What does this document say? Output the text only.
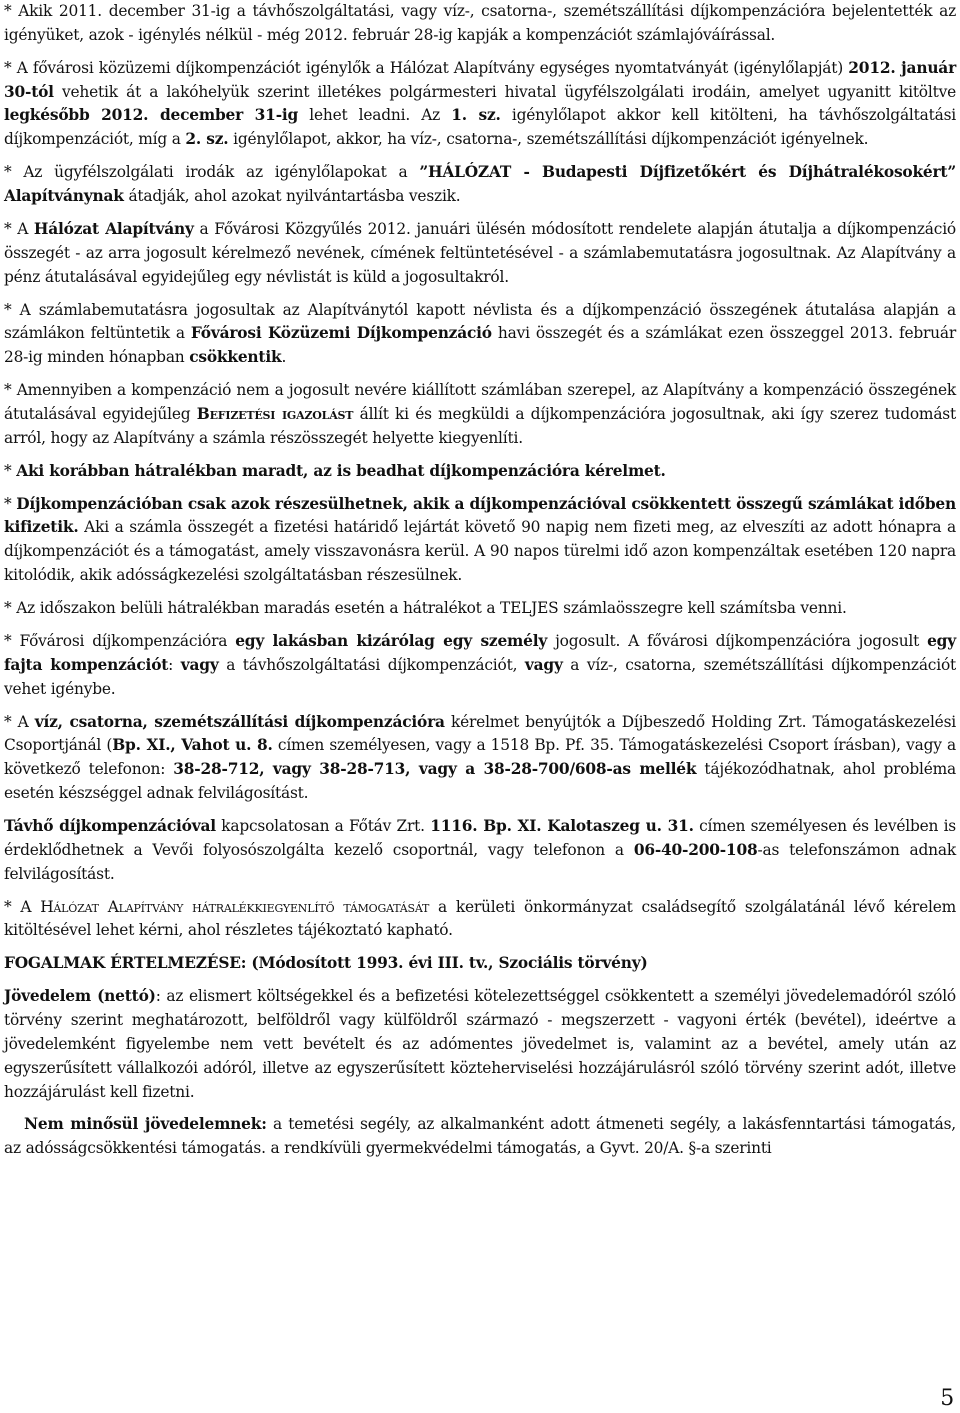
* Akik 2011. december 31-ig a távhőszolgáltatási, vagy víz-, csatorna-, szemétszállítási díjkompenzációra bejelentették az igényüket, azok - igénylés nélkül - még 2012. február 28-ig kapják a kompenzációt számlajóváírással.

* A fővárosi közüzemi díjkompenzációt igénylők a Hálózat Alapítvány egységes nyomtatványát (igénylőlapját) 2012. január 30-tól vehetik át a lakóhelyük szerint illetékes polgármesteri hivatal ügyfélszolgálati irodáin, amelyet ugyanitt kitöltve legkésőbb 2012. december 31-ig lehet leadni. Az 1. sz. igénylőlapot akkor kell kitölteni, ha távhőszolgáltatási díjkompenzációt, míg a 2. sz. igénylőlapot, akkor, ha víz-, csatorna-, szemétszállítási díjkompenzációt igényelnek.

* Az ügyfélszolgálati irodák az igénylőlapokat a ”HÁLÓZAT - Budapesti Díjfizetőkért és Díjhátralékosokért” Alapítványnak átadják, ahol azokat nyilvántartásba veszik.

* A Hálózat Alapítvány a Fővárosi Közgyűlés 2012. januári ülésén módosított rendelete alapján átutalja a díjkompenzáció összegét - az arra jogosult kérelmező nevének, címének feltüntetésével - a számlabemutatásra jogosultnak. Az Alapítvány a pénz átutalásával egyidejűleg egy névlistát is küld a jogosultakról.

* A számlabemutatásra jogosultak az Alapítványtól kapott névlista és a díjkompenzáció összegének átutalása alapján a számlákon feltüntetik a Fővárosi Közüzemi Díjkompenzáció havi összegét és a számlákat ezen összeggel 2013. február 28-ig minden hónapban csökkentik.

* Amennyiben a kompenzáció nem a jogosult nevére kiállított számlában szerepel, az Alapítvány a kompenzáció összegének átutalásával egyidejűleg Befizetési igazolást állít ki és megküldi a díjkompenzációra jogosultnak, aki így szerez tudomást arról, hogy az Alapítvány a számla részösszegét helyette kiegyenlíti.

* Aki korábban hátralékban maradt, az is beadhat díjkompenzációra kérelmet.

* Díjkompenzációban csak azok részesülhetnek, akik a díjkompenzációval csökkentett összegű számlákat időben kifizetik. Aki a számla összegét a fizetési határidő lejártát követő 90 napig nem fizeti meg, az elveszíti az adott hónapra a díjkompenzációt és a támogatást, amely visszavonásra kerül. A 90 napos türelmi idő azon kompenzáltak esetében 120 napra kitolódik, akik adósságkezelési szolgáltatásban részesülnek.

* Az időszakon belüli hátralékban maradás esetén a hátralékot a TELJES számlaösszegre kell számítsba venni.

* Fővárosi díjkompenzációra egy lakásban kizárólag egy személy jogosult. A fővárosi díjkompenzációra jogosult egy fajta kompenzációt: vagy a távhőszolgáltatási díjkompenzációt, vagy a víz-, csatorna, szemétszállítási díjkompenzációt vehet igénybe.

* A víz, csatorna, szemétszállítási díjkompenzációra kérelmet benyújtók a Díjbeszedő Holding Zrt. Támogatáskezelési Csoportjánál (Bp. XI., Vahot u. 8. címen személyesen, vagy a 1518 Bp. Pf. 35. Támogatáskezelési Csoport írásban), vagy a következő telefonon: 38-28-712, vagy 38-28-713, vagy a 38-28-700/608-as mellék tájékozódhatnak, ahol probléma esetén készséggel adnak felvilágosítást.

Távhő díjkompenzációval kapcsolatosan a Főtáv Zrt. 1116. Bp. XI. Kalotaszeg u. 31. címen személyesen és levélben is érdeklődhetnek a Vevői folyosószolgálta kezelő csoportnál, vagy telefonon a 06-40-200-108-as telefonszámon adnak felvilágosítást.

* A Hálózat Alapítvány hátralékkiegyenlítő támogatását a kerületi önkormányzat családsegítő szolgálatánál lévő kérelem kitöltésével lehet kérni, ahol részletes tájékoztató kapható.

FOGALMAK ÉRTELMEZÉSE: (Módosított 1993. évi III. tv., Szociális törvény)

Jövedelem (nettó): az elismert költségekkel és a befizetési kötelezettséggel csökkentett a személyi jövedelemadóról szóló törvény szerint meghatározott, belföldről vagy külföldről származó - megszerzett - vagyoni érték (bevétel), ideértve a jövedelemként figyelembe nem vett bevételt és az adómentes jövedelmet is, valamint az a bevétel, amely után az egyszerűsített vállalkozói adóról, illetve az egyszerűsített közteherviselési hozzájárulásról szóló törvény szerint adót, illetve hozzájárulást kell fizetni.

Nem minősül jövedelemnek: a temetési segély, az alkalmanként adott átmeneti segély, a lakásfenntartási támogatás, az adósságcsökkentési támogatás. a rendkívüli gyermekvédelmi támogatás, a Gyvt. 20/A. §-a szerinti

5
